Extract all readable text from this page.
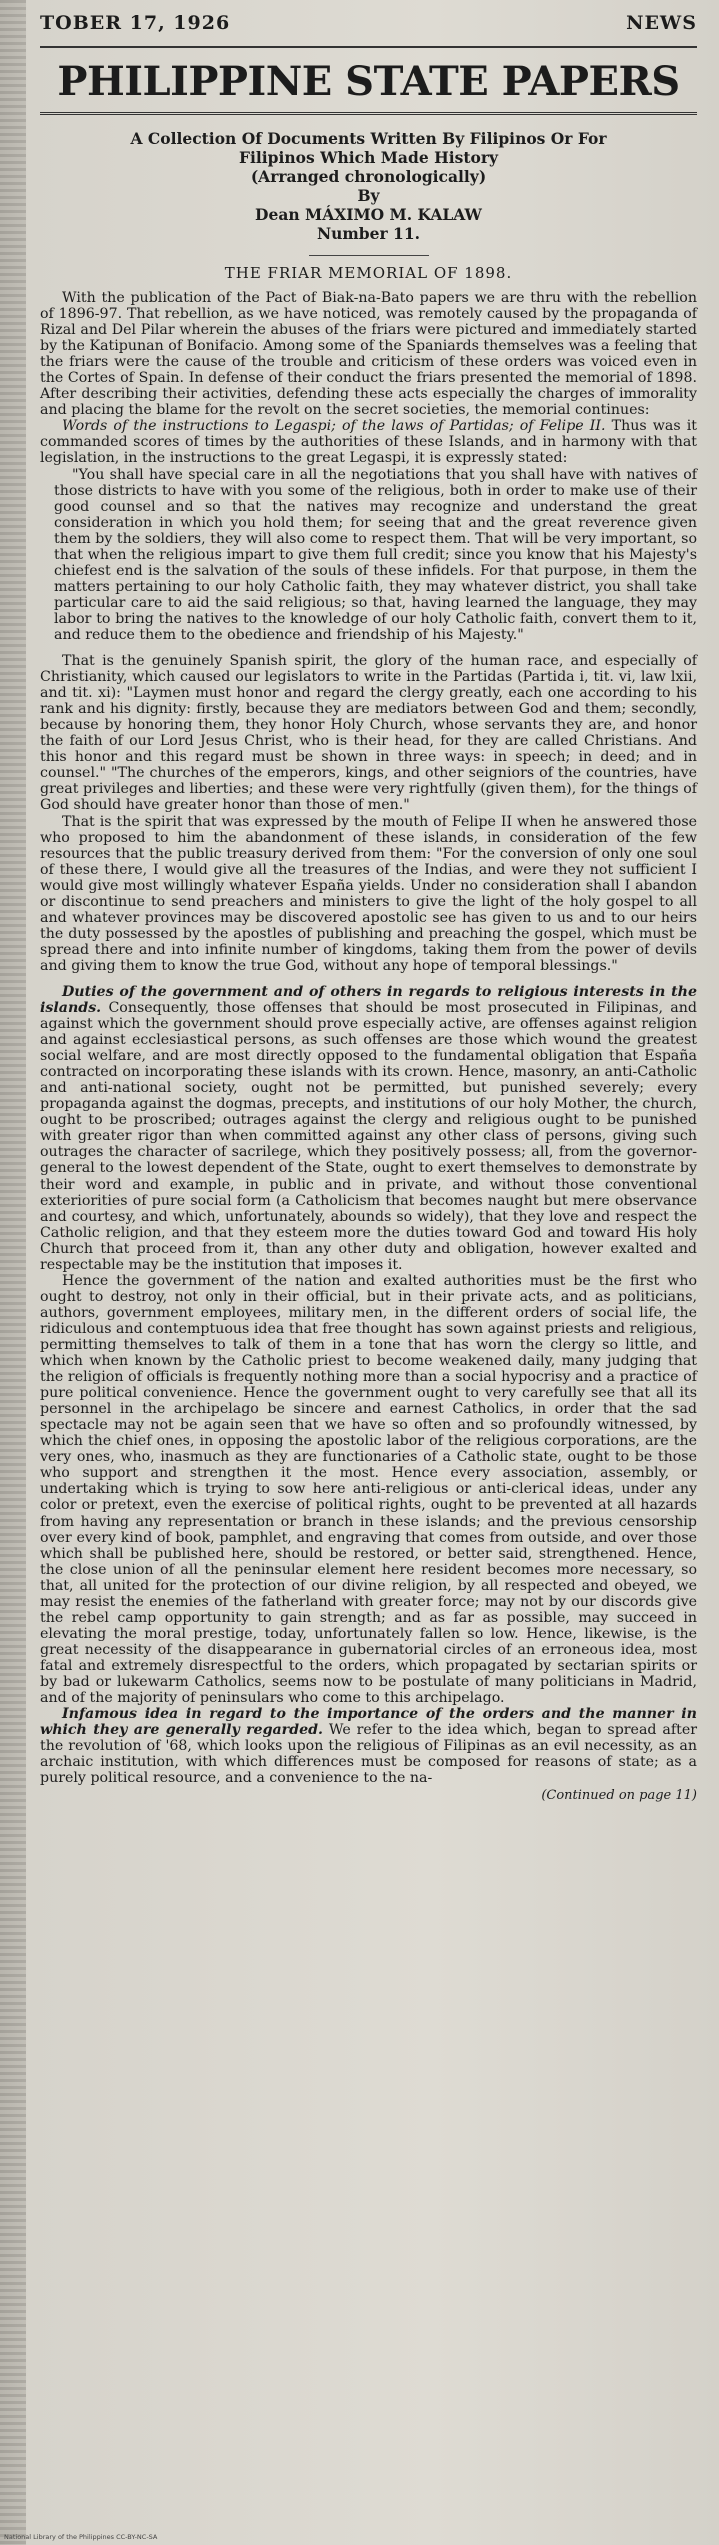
TOBER 17, 1926	NEWS
PHILIPPINE STATE PAPERS
A Collection Of Documents Written By Filipinos Or For
Filipinos Which Made History
(Arranged chronologically)
By
Dean MÁXIMO M. KALAW
Number 11.
THE FRIAR MEMORIAL OF 1898.

With the publication of the Pact of Biak-na-Bato papers we are thru with the rebellion of 1896-97. That rebellion, as we have noticed, was remotely caused by the propaganda of Rizal and Del Pilar wherein the abuses of the friars were pictured and immediately started by the Katipunan of Bonifacio. Among some of the Spaniards themselves was a feeling that the friars were the cause of the trouble and criticism of these orders was voiced even in the Cortes of Spain. In defense of their conduct the friars presented the memorial of 1898. After describing their activities, defending these acts especially the charges of immorality and placing the blame for the revolt on the secret societies, the memorial continues:

Words of the instructions to Legaspi; of the laws of Partidas; of Felipe II. Thus was it commanded scores of times by the authorities of these Islands, and in harmony with that legislation, in the instructions to the great Legaspi, it is expressly stated:

"You shall have special care in all the negotiations that you shall have with natives of those districts to have with you some of the religious, both in order to make use of their good counsel and so that the natives may recognize and understand the great consideration in which you hold them; for seeing that and the great reverence given them by the soldiers, they will also come to respect them. That will be very important, so that when the religious impart to give them full credit; since you know that his Majesty's chiefest end is the salvation of the souls of these infidels. For that purpose, in them the matters pertaining to our holy Catholic faith, they may whatever district, you shall take particular care to aid the said religious; so that, having learned the language, they may labor to bring the natives to the knowledge of our holy Catholic faith, convert them to it, and reduce them to the obedience and friendship of his Majesty."

That is the genuinely Spanish spirit, the glory of the human race, and especially of Christianity, which caused our legislators to write in the Partidas (Partida i, tit. vi, law lxii, and tit. xi): "Laymen must honor and regard the clergy greatly, each one according to his rank and his dignity: firstly, because they are mediators between God and them; secondly, because by honoring them, they honor Holy Church, whose servants they are, and honor the faith of our Lord Jesus Christ, who is their head, for they are called Christians. And this honor and this regard must be shown in three ways: in speech; in deed; and in counsel." "The churches of the emperors, kings, and other seigniors of the countries, have great privileges and liberties; and these were very rightfully (given them), for the things of God should have greater honor than those of men."

That is the spirit that was expressed by the mouth of Felipe II when he answered those who proposed to him the abandonment of these islands, in consideration of the few resources that the public treasury derived from them: "For the conversion of only one soul of these there, I would give all the treasures of the Indias, and were they not sufficient I would give most willingly whatever España yields. Under no consideration shall I abandon or discontinue to send preachers and ministers to give the light of the holy gospel to all and whatever provinces may be discovered apostolic see has given to us and to our heirs the duty possessed by the apostles of publishing and preaching the gospel, which must be spread there and into infinite number of kingdoms, taking them from the power of devils and giving them to know the true God, without any hope of temporal blessings."

Duties of the government and of others in regards to religious interests in the islands. Consequently, those offenses that should be most prosecuted in Filipinas, and against which the government should prove especially active, are offenses against religion and against ecclesiastical persons, as such offenses are those which wound the greatest social welfare, and are most directly opposed to the fundamental obligation that España contracted on incorporating these islands with its crown. Hence, masonry, an anti-Catholic and anti-national society, ought not be permitted, but punished severely; every propaganda against the dogmas, precepts, and institutions of our holy Mother, the church, ought to be proscribed; outrages against the clergy and religious ought to be punished with greater rigor than when committed against any other class of persons, giving such outrages the character of sacrilege, which they positively possess; all, from the governor-general to the lowest dependent of the State, ought to exert themselves to demonstrate by their word and example, in public and in private, and without those conventional exteriorities of pure social form (a Catholicism that becomes naught but mere observance and courtesy, and which, unfortunately, abounds so widely), that they love and respect the Catholic religion, and that they esteem more the duties toward God and toward His holy Church that proceed from it, than any other duty and obligation, however exalted and respectable may be the institution that imposes it.

Hence the government of the nation and exalted authorities must be the first who ought to destroy, not only in their official, but in their private acts, and as politicians, authors, government employees, military men, in the different orders of social life, the ridiculous and contemptuous idea that free thought has sown against priests and religious, permitting themselves to talk of them in a tone that has worn the clergy so little, and which when known by the Catholic priest to become weakened daily, many judging that the religion of officials is frequently nothing more than a social hypocrisy and a practice of pure political convenience. Hence the government ought to very carefully see that all its personnel in the archipelago be sincere and earnest Catholics, in order that the sad spectacle may not be again seen that we have so often and so profoundly witnessed, by which the chief ones, in opposing the apostolic labor of the religious corporations, are the very ones, who, inasmuch as they are functionaries of a Catholic state, ought to be those who support and strengthen it the most. Hence every association, assembly, or undertaking which is trying to sow here anti-religious or anti-clerical ideas, under any color or pretext, even the exercise of political rights, ought to be prevented at all hazards from having any representation or branch in these islands; and the previous censorship over every kind of book, pamphlet, and engraving that comes from outside, and over those which shall be published here, should be restored, or better said, strengthened. Hence, the close union of all the peninsular element here resident becomes more necessary, so that, all united for the protection of our divine religion, by all respected and obeyed, we may resist the enemies of the fatherland with greater force; may not by our discords give the rebel camp opportunity to gain strength; and as far as possible, may succeed in elevating the moral prestige, today, unfortunately fallen so low. Hence, likewise, is the great necessity of the disappearance in gubernatorial circles of an erroneous idea, most fatal and extremely disrespectful to the orders, which propagated by sectarian spirits or by bad or lukewarm Catholics, seems now to be postulate of many politicians in Madrid, and of the majority of peninsulars who come to this archipelago.

Infamous idea in regard to the importance of the orders and the manner in which they are generally regarded. We refer to the idea which, began to spread after the revolution of '68, which looks upon the religious of Filipinas as an evil necessity, as an archaic institution, with which differences must be composed for reasons of state; as a purely political resource, and a convenience to the na-

(Continued on page 11)
National Library of the Philippines CC-BY-NC-SA
